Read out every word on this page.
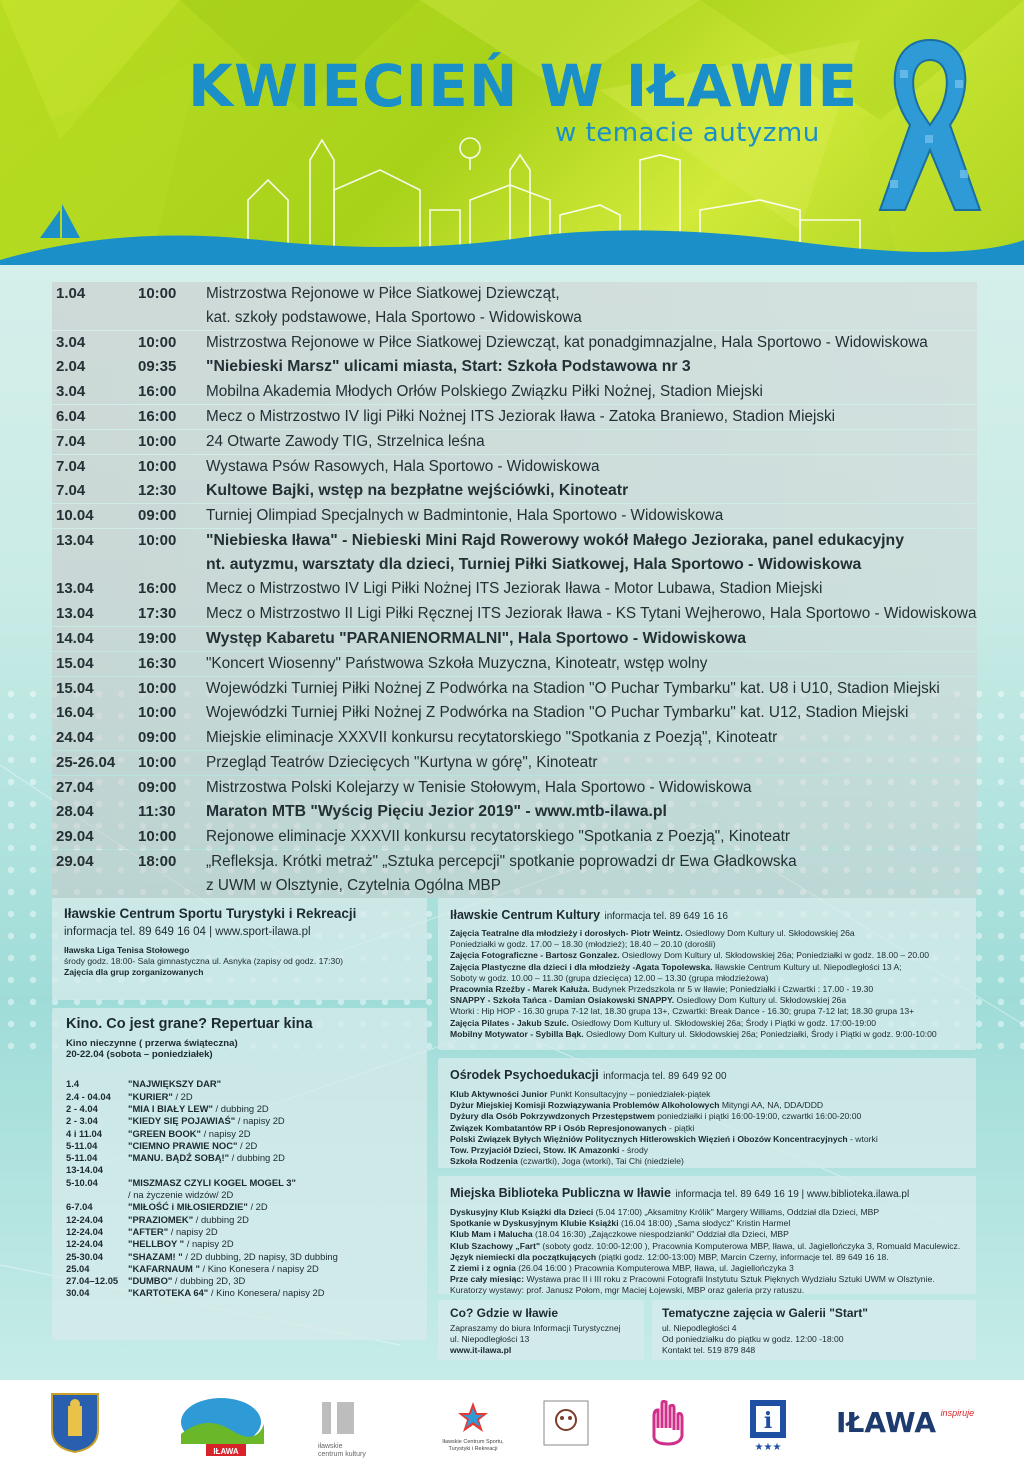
KWIECIEŃ W IŁAWIE
w temacie autyzmu
1.04	10:00	Mistrzostwa Rejonowe w Piłce Siatkowej Dziewcząt,
kat. szkoły podstawowe, Hala Sportowo - Widowiskowa
3.04	10:00	Mistrzostwa Rejonowe w Piłce Siatkowej Dziewcząt, kat ponadgimnazjalne, Hala Sportowo - Widowiskowa
2.04	09:35	"Niebieski Marsz" ulicami miasta, Start: Szkoła Podstawowa nr 3
3.04	16:00	Mobilna Akademia Młodych Orłów Polskiego Związku Piłki Nożnej, Stadion Miejski
6.04	16:00	Mecz o Mistrzostwo IV ligi Piłki Nożnej ITS Jeziorak Iława - Zatoka Braniewo, Stadion Miejski
7.04	10:00	24 Otwarte Zawody TIG, Strzelnica leśna
7.04	10:00	Wystawa Psów Rasowych, Hala Sportowo - Widowiskowa
7.04	12:30	Kultowe Bajki, wstęp na bezpłatne wejściówki, Kinoteatr
10.04	09:00	Turniej Olimpiad Specjalnych w Badmintonie, Hala Sportowo - Widowiskowa
13.04	10:00	"Niebieska Iława" - Niebieski Mini Rajd Rowerowy wokół Małego Jezioraka, panel edukacyjny
nt. autyzmu, warsztaty dla dzieci, Turniej Piłki Siatkowej, Hala Sportowo - Widowiskowa
13.04	16:00	Mecz o Mistrzostwo IV Ligi Piłki Nożnej ITS Jeziorak Iława - Motor Lubawa, Stadion Miejski
13.04	17:30	Mecz o Mistrzostwo II Ligi Piłki Ręcznej ITS Jeziorak Iława - KS Tytani Wejherowo, Hala Sportowo - Widowiskowa
14.04	19:00	Występ Kabaretu "PARANIENORMALNI", Hala Sportowo - Widowiskowa
15.04	16:30	"Koncert Wiosenny" Państwowa Szkoła Muzyczna, Kinoteatr, wstęp wolny
15.04	10:00	Wojewódzki Turniej Piłki Nożnej Z Podwórka na Stadion "O Puchar Tymbarku" kat. U8 i U10, Stadion Miejski
16.04	10:00	Wojewódzki Turniej Piłki Nożnej Z Podwórka na Stadion "O Puchar Tymbarku" kat. U12, Stadion Miejski
24.04	09:00	Miejskie eliminacje XXXVII konkursu recytatorskiego "Spotkania z Poezją", Kinoteatr
25-26.04	10:00	Przegląd Teatrów Dziecięcych "Kurtyna w górę", Kinoteatr
27.04	09:00	Mistrzostwa Polski Kolejarzy w Tenisie Stołowym, Hala Sportowo - Widowiskowa
28.04	11:30	Maraton MTB "Wyścig Pięciu Jezior 2019" - www.mtb-ilawa.pl
29.04	10:00	Rejonowe eliminacje XXXVII konkursu recytatorskiego "Spotkania z Poezją", Kinoteatr
29.04	18:00	„Refleksja. Krótki metraż" „Sztuka percepcji" spotkanie poprowadzi dr Ewa Gładkowska
z UWM w Olsztynie, Czytelnia Ogólna MBP
Iławskie Centrum Sportu Turystyki i Rekreacji
informacja tel. 89 649 16 04 | www.sport-ilawa.pl
Iławska Liga Tenisa Stołowego
środy godz. 18:00- Sala gimnastyczna ul. Asnyka (zapisy od godz. 17:30)
Zajęcia dla grup zorganizowanych
Kino. Co jest grane? Repertuar kina
Kino nieczynne ( przerwa świąteczna)
20-22.04 (sobota – poniedziałek)
1.4	"NAJWIĘKSZY DAR"
2.4 - 04.04	"KURIER" / 2D
2 - 4.04	"MIA I BIAŁY LEW" / dubbing 2D
2 - 3.04	"KIEDY SIĘ POJAWIAŚ" / napisy 2D
4 i 11.04	"GREEN BOOK" / napisy 2D
5-11.04	"CIEMNO PRAWIE NOC" / 2D
5-11.04	"MANU. BĄDŹ SOBĄ!" / dubbing 2D
13-14.04
5-10.04	"MISZMASZ CZYLI KOGEL MOGEL 3"
/ na życzenie widzów/ 2D
6-7.04	"MIŁOŚĆ i MIŁOSIERDZIE" / 2D
12-24.04	"PRAZIOMEK" / dubbing 2D
12-24.04	"AFTER" / napisy 2D
12-24.04	"HELLBOY " / napisy 2D
25-30.04	"SHAZAM! " / 2D dubbing, 2D napisy, 3D dubbing
25.04	"KAFARNAUM " / Kino Konesera / napisy 2D
27.04–12.05	"DUMBO" / dubbing 2D, 3D
30.04	"KARTOTEKA 64" / Kino Konesera/ napisy 2D
Iławskie Centrum Kultury informacja tel. 89 649 16 16
Zajęcia Teatralne dla młodzieży i dorosłych- Piotr Weintz. Osiedlowy Dom Kultury ul. Skłodowskiej 26a
Poniedziałki w godz. 17.00 – 18.30 (młodzież); 18.40 – 20.10 (dorośli)
Zajęcia Fotograficzne - Bartosz Gonzalez. Osiedlowy Dom Kultury ul. Skłodowskiej 26a; Poniedziałki w godz. 18.00 – 20.00
Zajęcia Plastyczne dla dzieci i dla młodzieży -Agata Topolewska. Iławskie Centrum Kultury ul. Niepodległości 13 A;
Soboty w godz. 10.00 – 11.30 (grupa dziecięca) 12.00 – 13.30 (grupa młodzieżowa)
Pracownia Rzeźby - Marek Kałuża. Budynek Przedszkola nr 5 w Iławie; Poniedziałki i Czwartki : 17.00 - 19.30
SNAPPY - Szkoła Tańca - Damian Osiakowski SNAPPY. Osiedlowy Dom Kultury ul. Skłodowskiej 26a
Wtorki : Hip HOP - 16.30 grupa 7-12 lat, 18.30 grupa 13+, Czwartki: Break Dance - 16.30; grupa 7-12 lat; 18.30 grupa 13+
Zajęcia Pilates - Jakub Szulc. Osiedlowy Dom Kultury ul. Skłodowskiej 26a; Środy i Piątki w godz. 17:00-19:00
Mobilny Motywator - Sybilla Bąk. Osiedlowy Dom Kultury ul. Skłodowskiej 26a; Poniedziałki, Środy i Piątki w godz. 9:00-10:00
Ośrodek Psychoedukacji informacja tel. 89 649 92 00
Klub Aktywności Junior Punkt Konsultacyjny – poniedziałek-piątek
Dyżur Miejskiej Komisji Rozwiązywania Problemów Alkoholowych Mityngi AA, NA, DDA/DDD
Dyżury dla Osób Pokrzywdzonych Przestępstwem poniedziałki i piątki 16:00-19:00, czwartki 16:00-20:00
Związek Kombatantów RP i Osób Represjonowanych - piątki
Polski Związek Byłych Więźniów Politycznych Hitlerowskich Więzień i Obozów Koncentracyjnych - wtorki
Tow. Przyjaciół Dzieci, Stow. IK Amazonki - środy
Szkoła Rodzenia (czwartki), Joga (wtorki), Tai Chi (niedziele)
Miejska Biblioteka Publiczna w Iławie informacja tel. 89 649 16 19 | www.biblioteka.ilawa.pl
Dyskusyjny Klub Książki dla Dzieci (5.04 17:00) „Aksamitny Królik" Margery Williams, Oddział dla Dzieci, MBP
Spotkanie w Dyskusyjnym Klubie Książki (16.04 18:00) „Sama słodycz" Kristin Harmel
Klub Mam i Malucha (18.04 16:30) „Zajączkowe niespodzianki" Oddział dla Dzieci, MBP
Klub Szachowy „Fart" (soboty godz. 10:00-12:00 ), Pracownia Komputerowa MBP, Iława, ul. Jagiellończyka 3, Romuald Maculewicz.
Język niemiecki dla początkujących (piątki godz. 12:00-13:00) MBP, Marcin Czerny, informacje tel. 89 649 16 18.
Z ziemi i z ognia (26.04 16:00 ) Pracownia Komputerowa MBP, Iława, ul. Jagiellończyka 3
Prze cały miesiąc: Wystawa prac II i III roku z Pracowni Fotografii Instytutu Sztuk Pięknych Wydziału Sztuki UWM w Olsztynie.
Kuratorzy wystawy: prof. Janusz Połom, mgr Maciej Łojewski, MBP oraz galeria przy ratuszu.
Co? Gdzie w Iławie
Zapraszamy do biura Informacji Turystycznej
ul. Niepodległości 13
www.it-ilawa.pl
Tematyczne zajęcia w Galerii "Start"
ul. Niepodległości 4
Od poniedziałku do piątku w godz. 12:00 -18:00
Kontakt tel. 519 879 848
IŁAWA
iławskie centrum kultury
Iławskie Centrum Sportu, Turystyki i Rekreacji
i
★★★
IŁAWA $^{inspiruje}$
